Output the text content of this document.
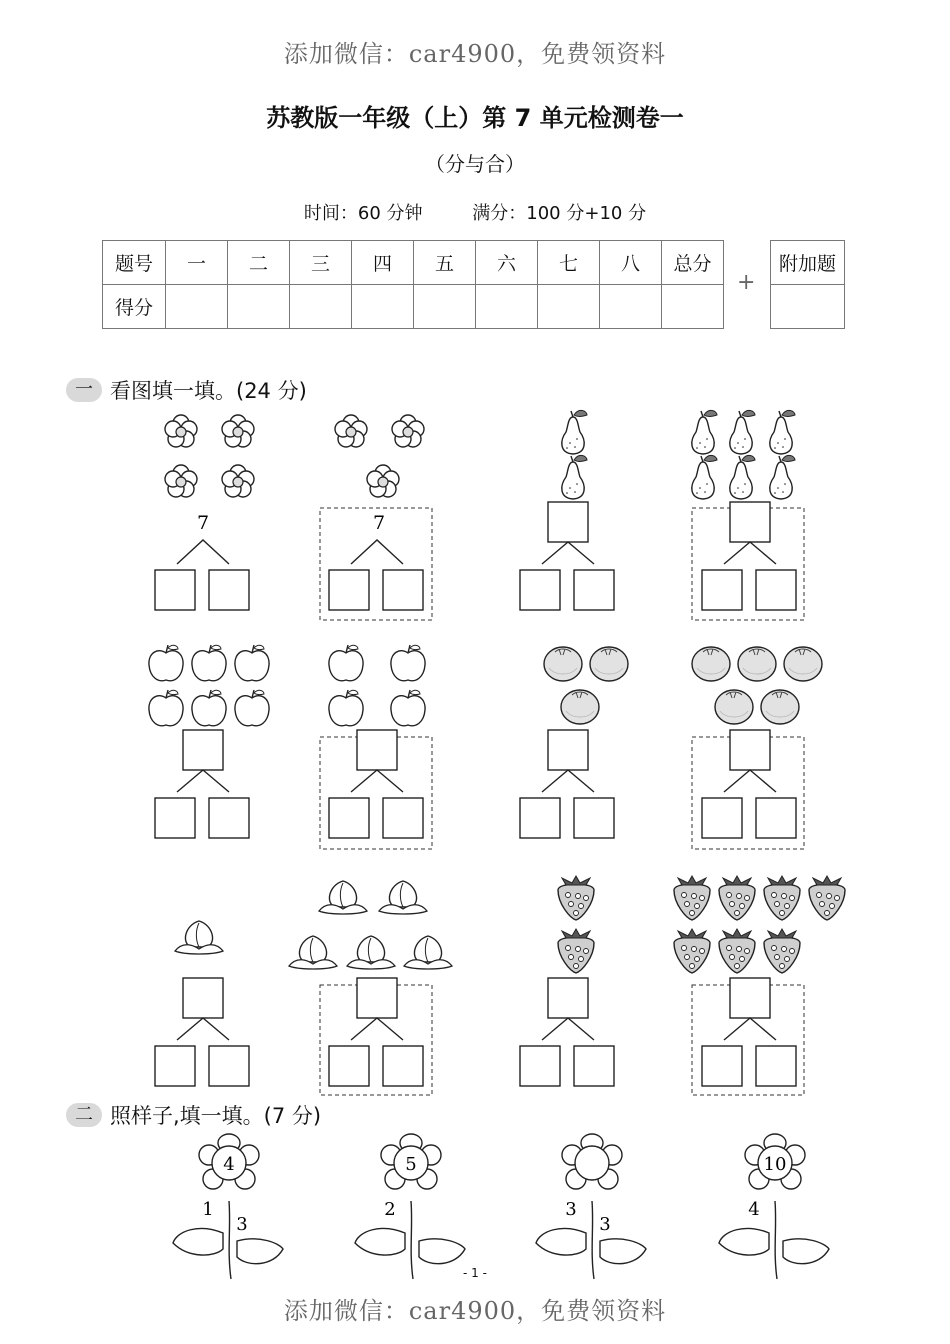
添加微信：car4900，免费领资料
苏教版一年级（上）第 7 单元检测卷一
（分与合）
时间：60 分钟	满分：100 分+10 分
题号	一	二	三	四	五	六	七	八	总分
得分									
+
附加题

一 看图填一填。(24 分)
二 照样子,填一填。(7 分)
7	7
4
1
3
5
2	3
3
10
4
- 1 -
添加微信：car4900，免费领资料
